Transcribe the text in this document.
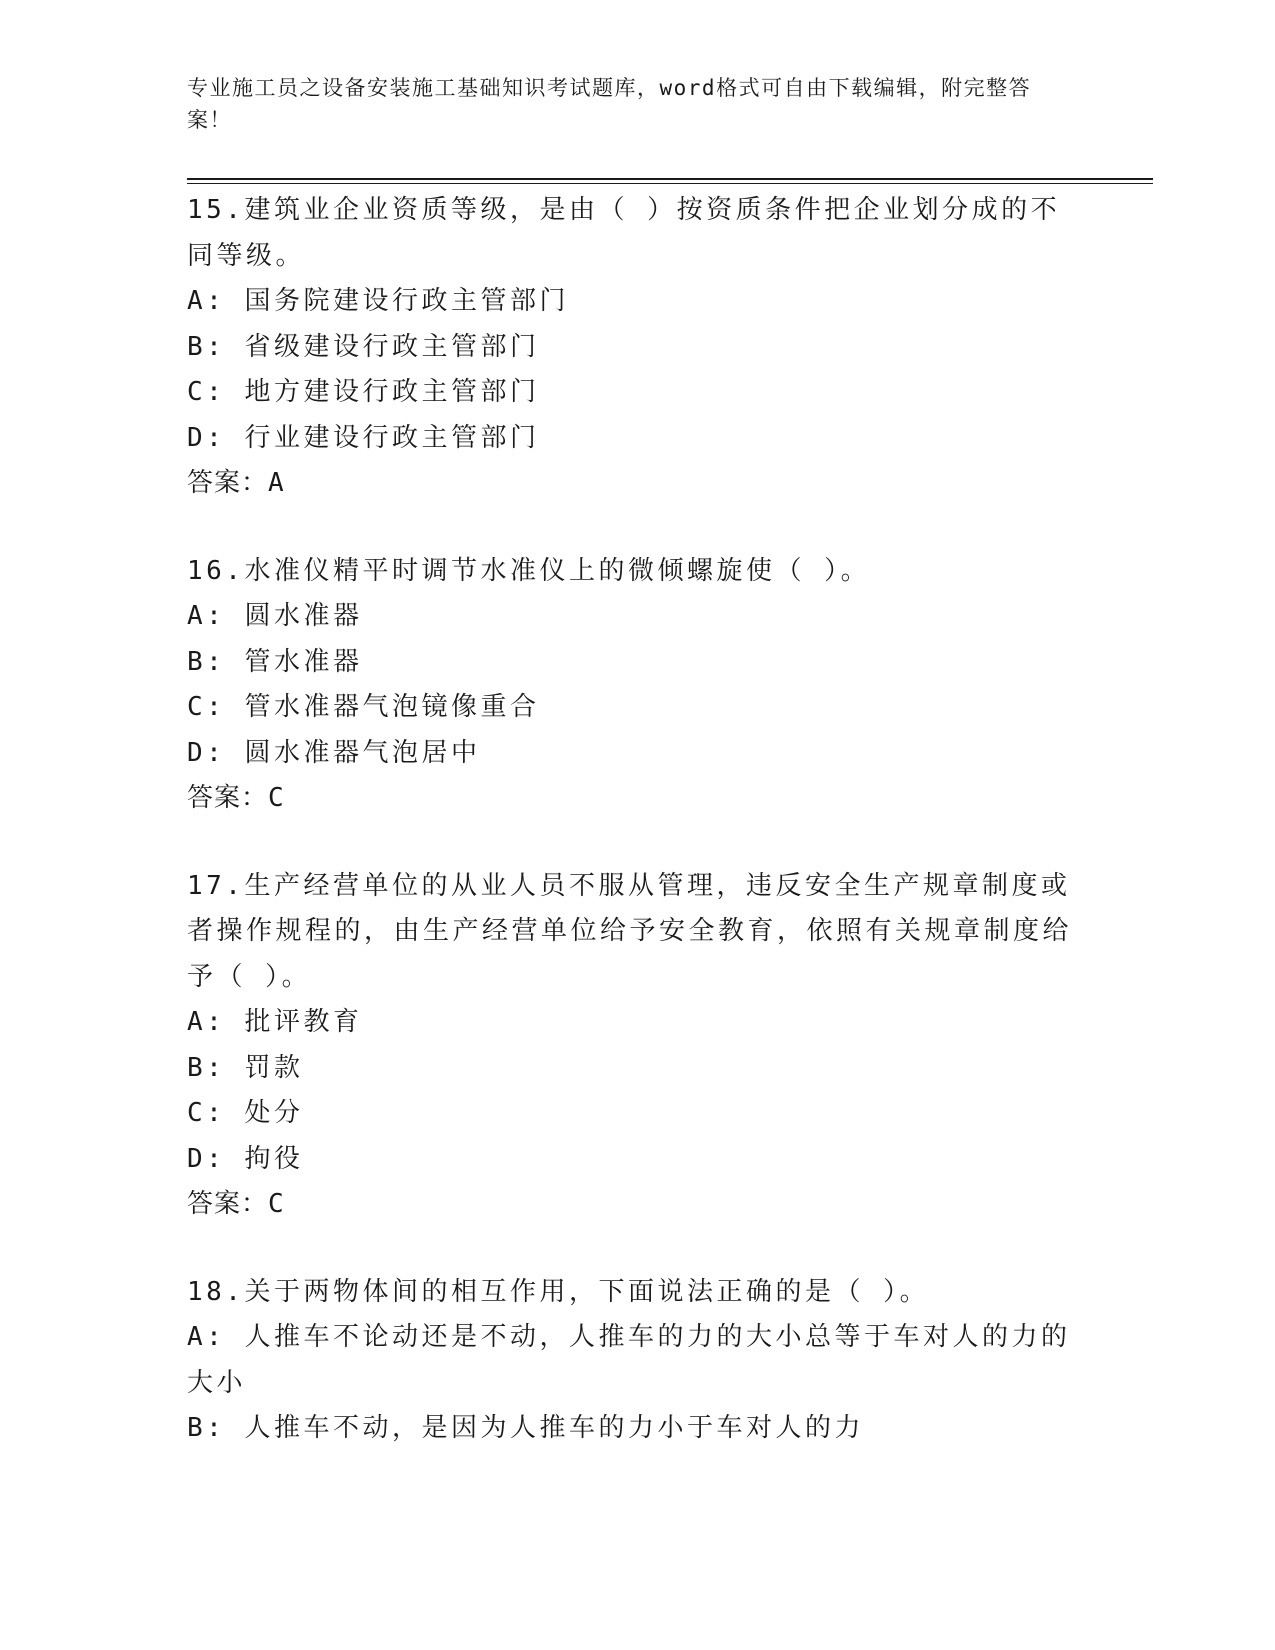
专业施工员之设备安装施工基础知识考试题库，word格式可自由下载编辑，附完整答案！
15.建筑业企业资质等级，是由（ ）按资质条件把企业划分成的不同等级。
A: 国务院建设行政主管部门
B: 省级建设行政主管部门
C: 地方建设行政主管部门
D: 行业建设行政主管部门
答案：A
16.水准仪精平时调节水准仪上的微倾螺旋使（ ）。
A: 圆水准器
B: 管水准器
C: 管水准器气泡镜像重合
D: 圆水准器气泡居中
答案：C
17.生产经营单位的从业人员不服从管理，违反安全生产规章制度或者操作规程的，由生产经营单位给予安全教育，依照有关规章制度给予（ ）。
A: 批评教育
B: 罚款
C: 处分
D: 拘役
答案：C
18.关于两物体间的相互作用，下面说法正确的是（ ）。
A: 人推车不论动还是不动，人推车的力的大小总等于车对人的力的大小
B: 人推车不动，是因为人推车的力小于车对人的力
